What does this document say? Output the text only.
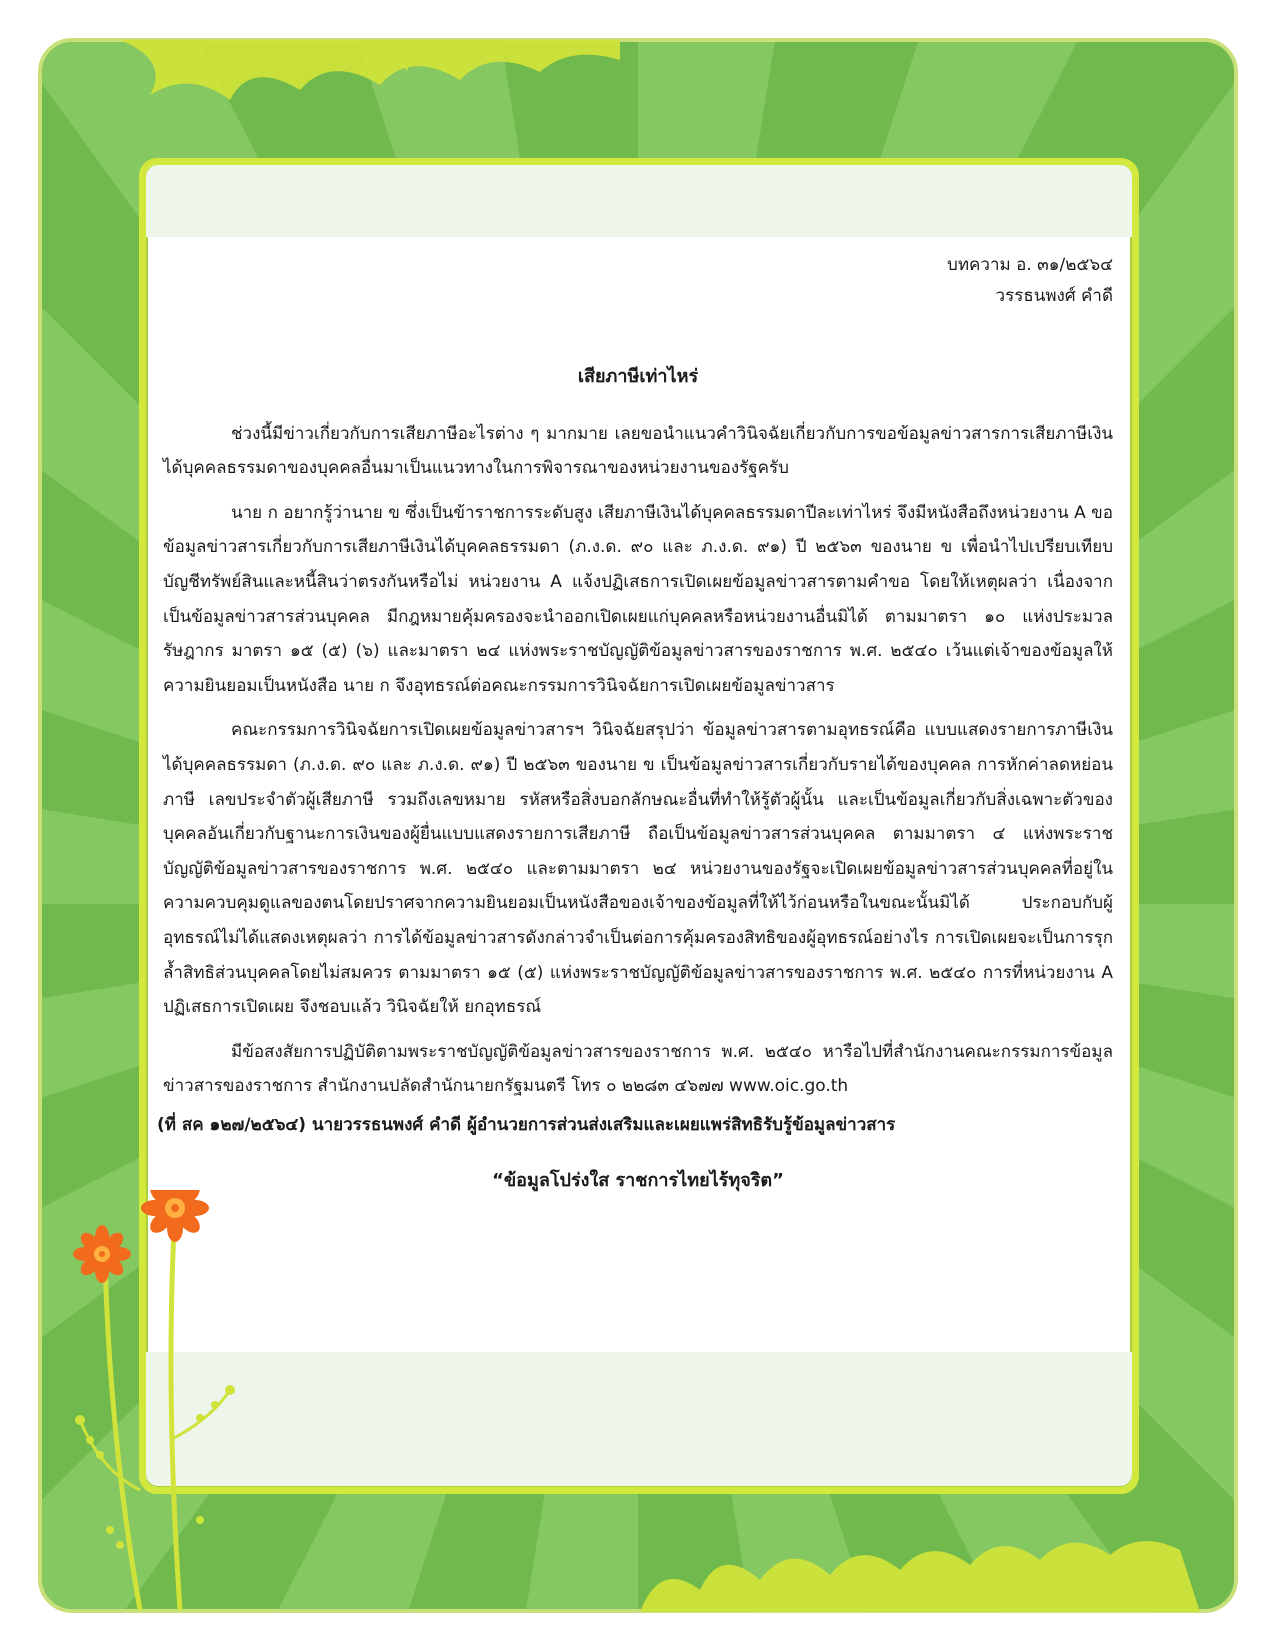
บทความ อ. ๓๑/๒๕๖๔
วรรธนพงศ์ คำดี
เสียภาษีเท่าไหร่

ช่วงนี้มีข่าวเกี่ยวกับการเสียภาษีอะไรต่าง ๆ มากมาย เลยขอนำแนวคำวินิจฉัยเกี่ยวกับการขอข้อมูลข่าวสารการเสียภาษีเงินได้บุคคลธรรมดาของบุคคลอื่นมาเป็นแนวทางในการพิจารณาของหน่วยงานของรัฐครับ

นาย ก อยากรู้ว่านาย ข ซึ่งเป็นข้าราชการระดับสูง เสียภาษีเงินได้บุคคลธรรมดาปีละเท่าไหร่ จึงมีหนังสือถึงหน่วยงาน A ขอข้อมูลข่าวสารเกี่ยวกับการเสียภาษีเงินได้บุคคลธรรมดา (ภ.ง.ด. ๙๐ และ ภ.ง.ด. ๙๑) ปี ๒๕๖๓ ของนาย ข เพื่อนำไปเปรียบเทียบบัญชีทรัพย์สินและหนี้สินว่าตรงกันหรือไม่ หน่วยงาน A แจ้งปฏิเสธการเปิดเผยข้อมูลข่าวสารตามคำขอ โดยให้เหตุผลว่า เนื่องจากเป็นข้อมูลข่าวสารส่วนบุคคล มีกฎหมายคุ้มครองจะนำออกเปิดเผยแก่บุคคลหรือหน่วยงานอื่นมิได้ ตามมาตรา ๑๐ แห่งประมวลรัษฎากร มาตรา ๑๕ (๕) (๖) และมาตรา ๒๔ แห่งพระราชบัญญัติข้อมูลข่าวสารของราชการ พ.ศ. ๒๕๔๐ เว้นแต่เจ้าของข้อมูลให้ความยินยอมเป็นหนังสือ นาย ก จึงอุทธรณ์ต่อคณะกรรมการวินิจฉัยการเปิดเผยข้อมูลข่าวสาร

คณะกรรมการวินิจฉัยการเปิดเผยข้อมูลข่าวสารฯ วินิจฉัยสรุปว่า ข้อมูลข่าวสารตามอุทธรณ์คือ แบบแสดงรายการภาษีเงินได้บุคคลธรรมดา (ภ.ง.ด. ๙๐ และ ภ.ง.ด. ๙๑) ปี ๒๕๖๓ ของนาย ข เป็นข้อมูลข่าวสารเกี่ยวกับรายได้ของบุคคล การหักค่าลดหย่อนภาษี เลขประจำตัวผู้เสียภาษี รวมถึงเลขหมาย รหัสหรือสิ่งบอกลักษณะอื่นที่ทำให้รู้ตัวผู้นั้น และเป็นข้อมูลเกี่ยวกับสิ่งเฉพาะตัวของบุคคลอันเกี่ยวกับฐานะการเงินของผู้ยื่นแบบแสดงรายการเสียภาษี ถือเป็นข้อมูลข่าวสารส่วนบุคคล ตามมาตรา ๔ แห่งพระราชบัญญัติข้อมูลข่าวสารของราชการ พ.ศ. ๒๕๔๐ และตามมาตรา ๒๔ หน่วยงานของรัฐจะเปิดเผยข้อมูลข่าวสารส่วนบุคคลที่อยู่ในความควบคุมดูแลของตนโดยปราศจากความยินยอมเป็นหนังสือของเจ้าของข้อมูลที่ให้ไว้ก่อนหรือในขณะนั้นมิได้ ประกอบกับผู้อุทธรณ์ไม่ได้แสดงเหตุผลว่า การได้ข้อมูลข่าวสารดังกล่าวจำเป็นต่อการคุ้มครองสิทธิของผู้อุทธรณ์อย่างไร การเปิดเผยจะเป็นการรุกล้ำสิทธิส่วนบุคคลโดยไม่สมควร ตามมาตรา ๑๕ (๕) แห่งพระราชบัญญัติข้อมูลข่าวสารของราชการ พ.ศ. ๒๕๔๐ การที่หน่วยงาน A ปฏิเสธการเปิดเผย จึงชอบแล้ว วินิจฉัยให้ ยกอุทธรณ์

มีข้อสงสัยการปฏิบัติตามพระราชบัญญัติข้อมูลข่าวสารของราชการ พ.ศ. ๒๕๔๐ หารือไปที่สำนักงานคณะกรรมการข้อมูลข่าวสารของราชการ สำนักงานปลัดสำนักนายกรัฐมนตรี โทร ๐ ๒๒๘๓ ๔๖๗๗ www.oic.go.th

(ที่ สค ๑๒๗/๒๕๖๔) นายวรรธนพงศ์ คำดี ผู้อำนวยการส่วนส่งเสริมและเผยแพร่สิทธิรับรู้ข้อมูลข่าวสาร
“ข้อมูลโปร่งใส ราชการไทยไร้ทุจริต”
